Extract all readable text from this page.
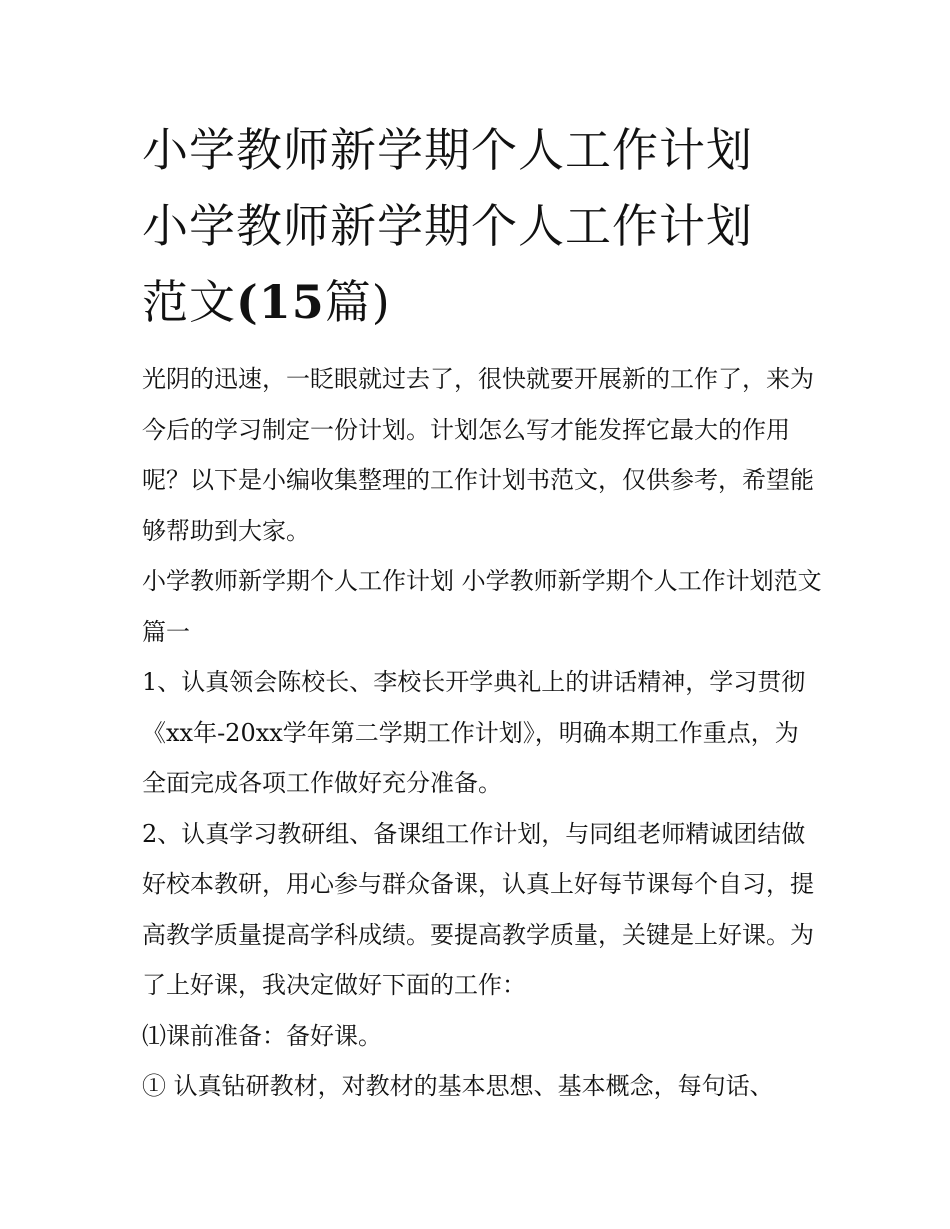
小学教师新学期个人工作计划
小学教师新学期个人工作计划
范文(15篇)

光阴的迅速，一眨眼就过去了，很快就要开展新的工作了，来为今后的学习制定一份计划。计划怎么写才能发挥它最大的作用呢？以下是小编收集整理的工作计划书范文，仅供参考，希望能够帮助到大家。

小学教师新学期个人工作计划 小学教师新学期个人工作计划范文篇一

1、认真领会陈校长、李校长开学典礼上的讲话精神，学习贯彻《xx年-20xx学年第二学期工作计划》，明确本期工作重点，为全面完成各项工作做好充分准备。

2、认真学习教研组、备课组工作计划，与同组老师精诚团结做好校本教研，用心参与群众备课，认真上好每节课每个自习，提高教学质量提高学科成绩。要提高教学质量，关键是上好课。为了上好课，我决定做好下面的工作：

⑴课前准备：备好课。

① 认真钻研教材，对教材的基本思想、基本概念，每句话、
